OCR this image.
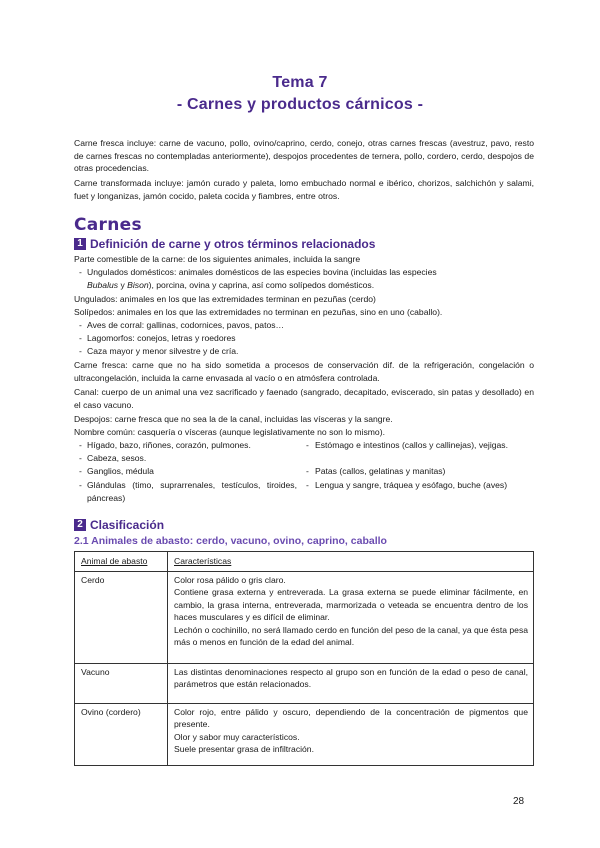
Tema 7
- Carnes y productos cárnicos -
Carne fresca incluye: carne de vacuno, pollo, ovino/caprino, cerdo, conejo, otras carnes frescas (avestruz, pavo, resto de carnes frescas no contempladas anteriormente), despojos procedentes de ternera, pollo, cordero, cerdo, despojos de otras procedencias.
Carne transformada incluye: jamón curado y paleta, lomo embuchado normal e ibérico, chorizos, salchichón y salami, fuet y longanizas, jamón cocido, paleta cocida y fiambres, entre otros.
Carnes
1 Definición de carne y otros términos relacionados
Parte comestible de la carne: de los siguientes animales, incluida la sangre
- Ungulados domésticos: animales domésticos de las especies bovina (incluidas las especies
Bubalus y Bison), porcina, ovina y caprina, así como solípedos domésticos.
Ungulados: animales en los que las extremidades terminan en pezuñas (cerdo)
Solípedos: animales en los que las extremidades no terminan en pezuñas, sino en uno (caballo).
- Aves de corral: gallinas, codornices, pavos, patos…
- Lagomorfos: conejos, letras y roedores
- Caza mayor y menor silvestre y de cría.
Carne fresca: carne que no ha sido sometida a procesos de conservación dif. de la refrigeración, congelación o ultracongelación, incluida la carne envasada al vacío o en atmósfera controlada.
Canal: cuerpo de un animal una vez sacrificado y faenado (sangrado, decapitado, eviscerado, sin patas y desollado) en el caso vacuno.
Despojos: carne fresca que no sea la de la canal, incluidas las vísceras y la sangre.
Nombre común: casquería o vísceras (aunque legislativamente no son lo mismo).
- Hígado, bazo, riñones, corazón, pulmones.
- Cabeza, sesos.
- Ganglios, médula
- Glándulas (timo, suprarrenales, testículos, tiroides, páncreas)
- Estómago e intestinos (callos y callinejas), vejigas.
- Patas (callos, gelatinas y manitas)
- Lengua y sangre, tráquea y esófago, buche (aves)
2 Clasificación
2.1 Animales de abasto: cerdo, vacuno, ovino, caprino, caballo
Animal de abasto	Características
Cerdo	Color rosa pálido o gris claro.

Contiene grasa externa y entreverada. La grasa externa se puede eliminar fácilmente, en cambio, la grasa interna, entreverada, marmorizada o veteada se encuentra dentro de los haces musculares y es difícil de eliminar.

Lechón o cochinillo, no será llamado cerdo en función del peso de la canal, ya que ésta pesa más o menos en función de la edad del animal.

Vacuno	Las distintas denominaciones respecto al grupo son en función de la edad o peso de canal, parámetros que están relacionados.

Ovino (cordero)	Color rojo, entre pálido y oscuro, dependiendo de la concentración de pigmentos que presente.

Olor y sabor muy característicos.

Suele presentar grasa de infiltración.

28
